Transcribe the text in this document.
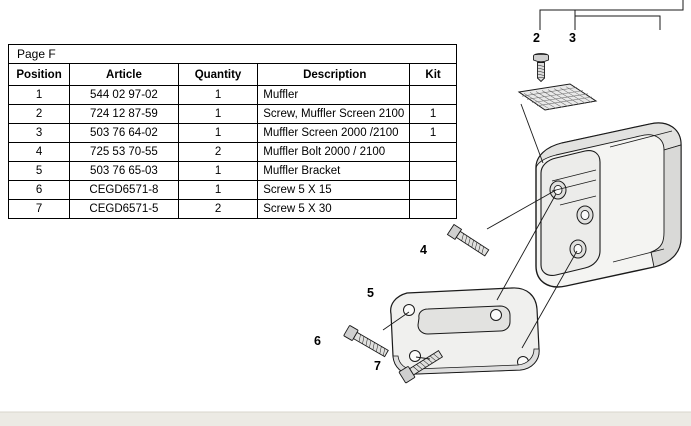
Page F				
Position	Article	Quantity	Description	Kit
1	544 02 97-02	1	Muffler	
2	724 12 87-59	1	Screw, Muffler Screen 2100	1
3	503 76 64-02	1	Muffler Screen 2000 /2100	1
4	725 53 70-55	2	Muffler Bolt 2000 / 2100	
5	503 76 65-03	1	Muffler Bracket	
6	CEGD6571-8	1	Screw 5 X 15	
7	CEGD6571-5	2	Screw 5 X 30	
2 3
4
5
6
7
